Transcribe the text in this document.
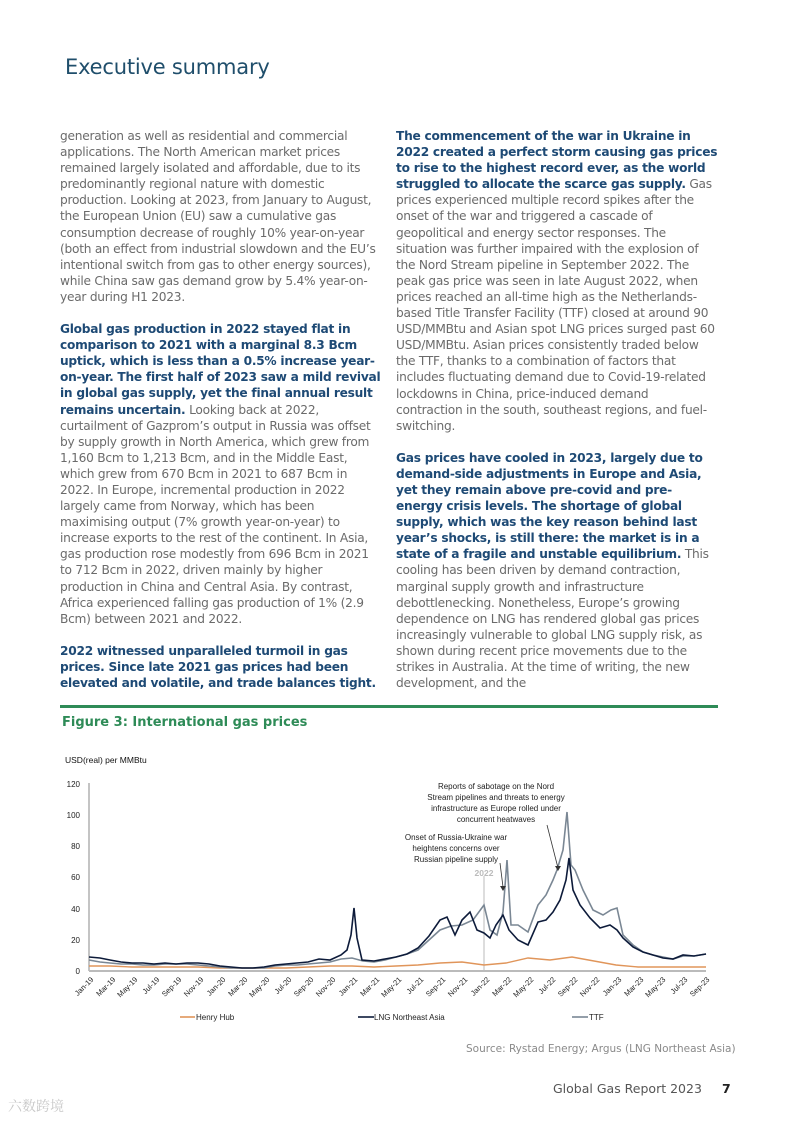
Executive summary

generation as well as residential and commercial applications. The North American market prices remained largely isolated and affordable, due to its predominantly regional nature with domestic production. Looking at 2023, from January to August, the European Union (EU) saw a cumulative gas consumption decrease of roughly 10% year-on-year (both an effect from industrial slowdown and the EU’s intentional switch from gas to other energy sources), while China saw gas demand grow by 5.4% year-on-year during H1 2023.

Global gas production in 2022 stayed flat in comparison to 2021 with a marginal 8.3 Bcm uptick, which is less than a 0.5% increase year-on-year. The first half of 2023 saw a mild revival in global gas supply, yet the final annual result remains uncertain. Looking back at 2022, curtailment of Gazprom’s output in Russia was offset by supply growth in North America, which grew from 1,160 Bcm to 1,213 Bcm, and in the Middle East, which grew from 670 Bcm in 2021 to 687 Bcm in 2022. In Europe, incremental production in 2022 largely came from Norway, which has been maximising output (7% growth year-on-year) to increase exports to the rest of the continent. In Asia, gas production rose modestly from 696 Bcm in 2021 to 712 Bcm in 2022, driven mainly by higher production in China and Central Asia. By contrast, Africa experienced falling gas production of 1% (2.9 Bcm) between 2021 and 2022.

2022 witnessed unparalleled turmoil in gas prices. Since late 2021 gas prices had been elevated and volatile, and trade balances tight.

The commencement of the war in Ukraine in 2022 created a perfect storm causing gas prices to rise to the highest record ever, as the world struggled to allocate the scarce gas supply. Gas prices experienced multiple record spikes after the onset of the war and triggered a cascade of geopolitical and energy sector responses. The situation was further impaired with the explosion of the Nord Stream pipeline in September 2022. The peak gas price was seen in late August 2022, when prices reached an all-time high as the Netherlands-based Title Transfer Facility (TTF) closed at around 90 USD/MMBtu and Asian spot LNG prices surged past 60 USD/MMBtu. Asian prices consistently traded below the TTF, thanks to a combination of factors that includes fluctuating demand due to Covid-19-related lockdowns in China, price-induced demand contraction in the south, southeast regions, and fuel-switching.

Gas prices have cooled in 2023, largely due to demand-side adjustments in Europe and Asia, yet they remain above pre-covid and pre-energy crisis levels. The shortage of global supply, which was the key reason behind last year’s shocks, is still there: the market is in a state of a fragile and unstable equilibrium. This cooling has been driven by demand contraction, marginal supply growth and infrastructure debottlenecking. Nonetheless, Europe’s growing dependence on LNG has rendered global gas prices increasingly vulnerable to global LNG supply risk, as shown during recent price movements due to the strikes in Australia. At the time of writing, the new development, and the

Figure 3: International gas prices
USD(real) per MMBtu
120
100
80
60
40
20
0
2022
Reports of sabotage on the Nord
Stream pipelines and threats to energy
infrastructure as Europe rolled under
concurrent heatwaves
Onset of Russia-Ukraine war
heightens concerns over
Russian pipeline supply
Jan-19
Mar-19
May-19 Jul-19
Sep-19
Nov-19 Jan-20
Mar-20
May-20 Jul-20
Sep-20
Nov-20 Jan-21
Mar-21
May-21 Jul-21
Sep-21
Nov-21 Jan-22
Mar-22
May-22 Jul-22
Sep-22
Nov-22 Jan-23
Mar-23
May-23 Jul-23
Sep-23
Henry Hub	LNG Northeast Asia	TTF
Source: Rystad Energy; Argus (LNG Northeast Asia)
Global Gas Report 2023 7
六数跨境
